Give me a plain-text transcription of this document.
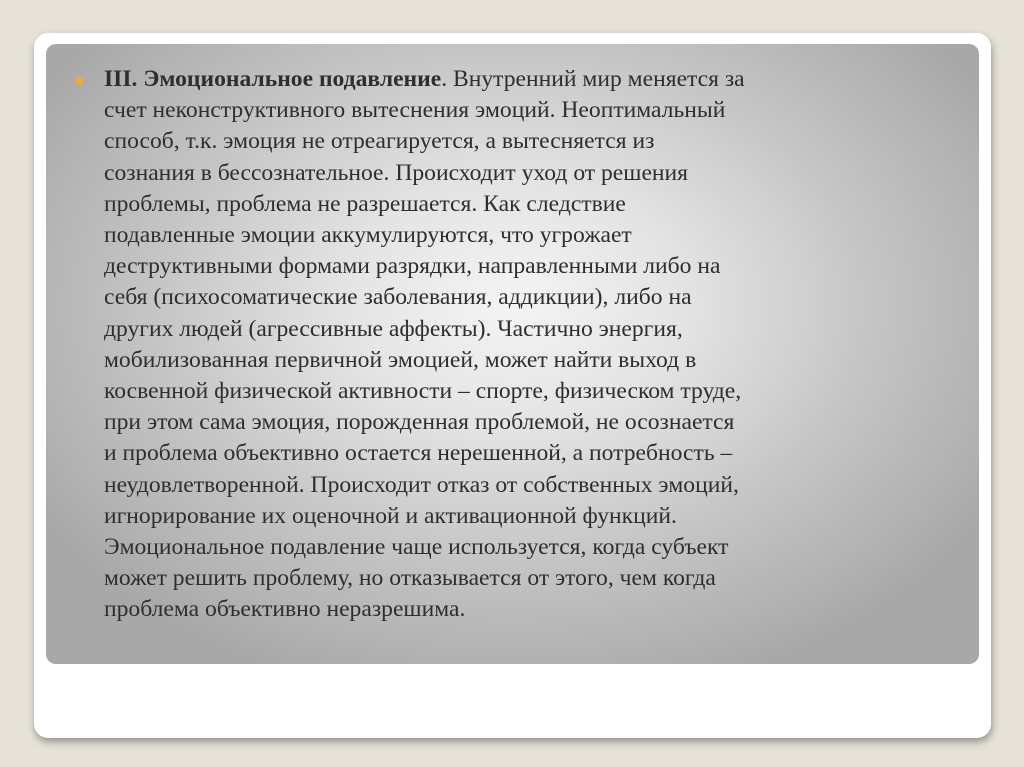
III. Эмоциональное подавление. Внутренний мир меняется за
счет неконструктивного вытеснения эмоций. Неоптимальный
способ, т.к. эмоция не отреагируется, а вытесняется из
сознания в бессознательное. Происходит уход от решения
проблемы, проблема не разрешается. Как следствие
подавленные эмоции аккумулируются, что угрожает
деструктивными формами разрядки, направленными либо на
себя (психосоматические заболевания, аддикции), либо на
других людей (агрессивные аффекты). Частично энергия,
мобилизованная первичной эмоцией, может найти выход в
косвенной физической активности – спорте, физическом труде,
при этом сама эмоция, порожденная проблемой, не осознается
и проблема объективно остается нерешенной, а потребность –
неудовлетворенной. Происходит отказ от собственных эмоций,
игнорирование их оценочной и активационной функций.
Эмоциональное подавление чаще используется, когда субъект
может решить проблему, но отказывается от этого, чем когда
проблема объективно неразрешима.
